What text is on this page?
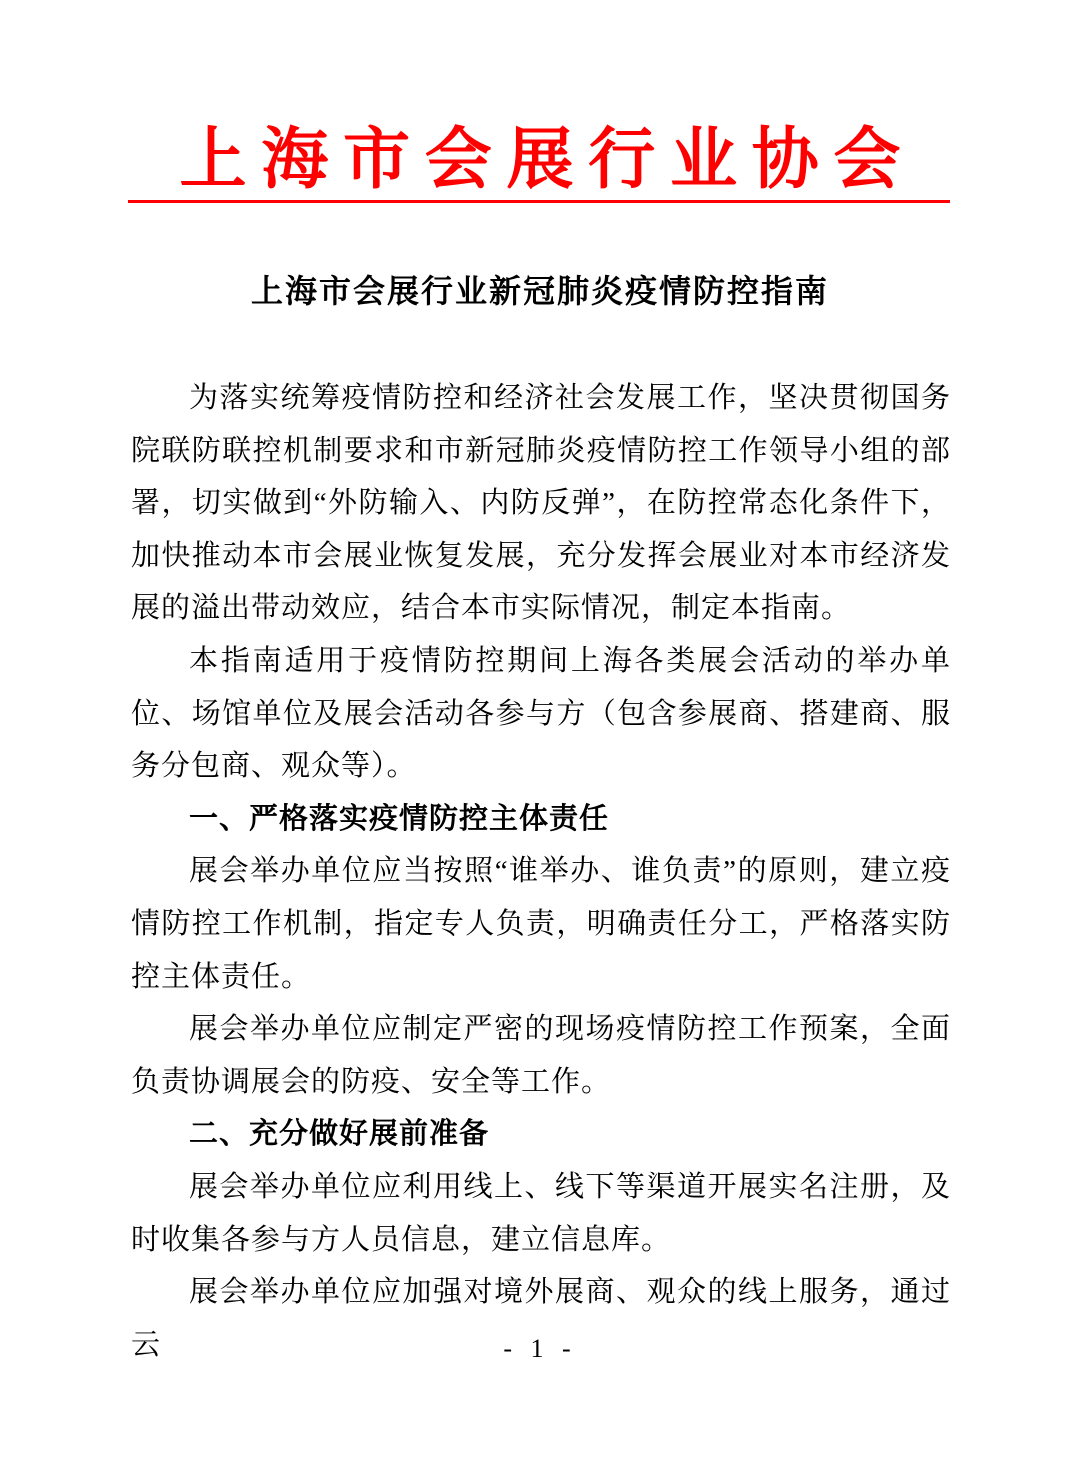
上海市会展行业协会
上海市会展行业新冠肺炎疫情防控指南

为落实统筹疫情防控和经济社会发展工作，坚决贯彻国务院联防联控机制要求和市新冠肺炎疫情防控工作领导小组的部署，切实做到“外防输入、内防反弹”，在防控常态化条件下，加快推动本市会展业恢复发展，充分发挥会展业对本市经济发展的溢出带动效应，结合本市实际情况，制定本指南。

本指南适用于疫情防控期间上海各类展会活动的举办单位、场馆单位及展会活动各参与方（包含参展商、搭建商、服务分包商、观众等）。

一、严格落实疫情防控主体责任

展会举办单位应当按照“谁举办、谁负责”的原则，建立疫情防控工作机制，指定专人负责，明确责任分工，严格落实防控主体责任。

展会举办单位应制定严密的现场疫情防控工作预案，全面负责协调展会的防疫、安全等工作。

二、充分做好展前准备

展会举办单位应利用线上、线下等渠道开展实名注册，及时收集各参与方人员信息，建立信息库。

展会举办单位应加强对境外展商、观众的线上服务，通过云	- 1 -
